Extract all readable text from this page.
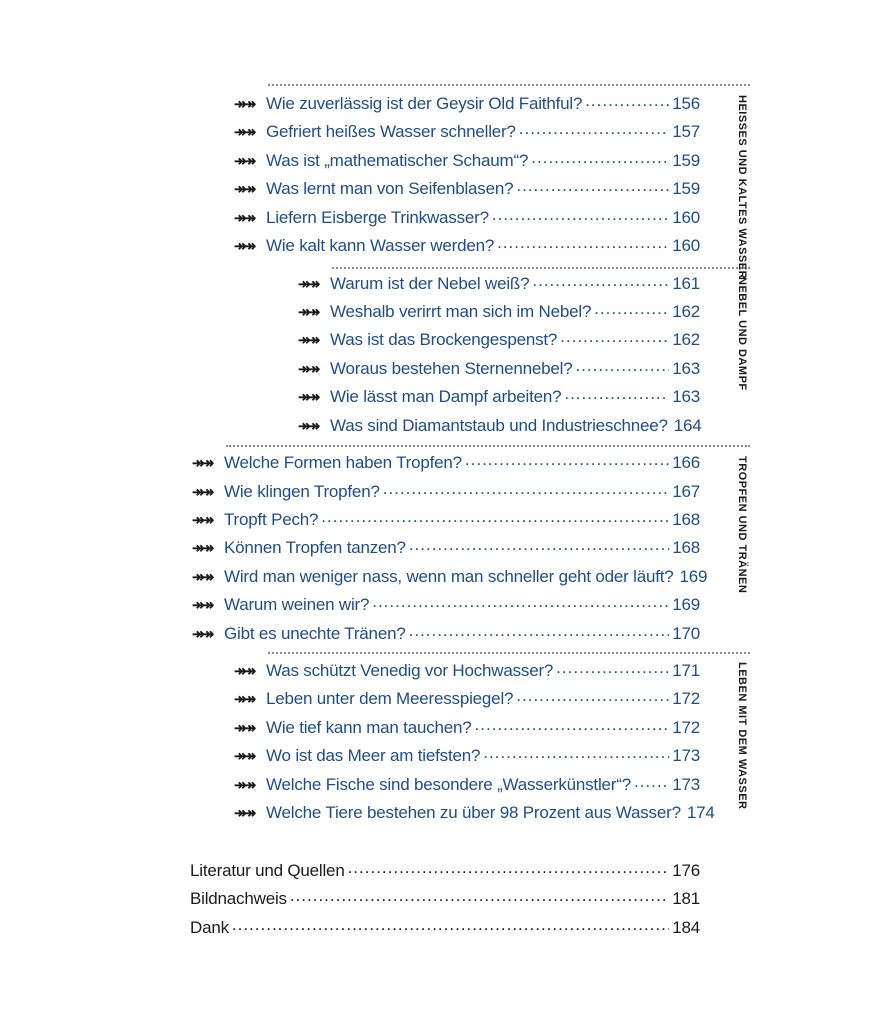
HEISSES UND KALTES WASSER
NEBEL UND DAMPF
TROPFEN UND TRÄNEN
LEBEN MIT DEM WASSER
↠↠ Wie zuverlässig ist der Geysir Old Faithful? .....	156
↠↠ Gefriert heißes Wasser schneller? .....	157
↠↠ Was ist „mathematischer Schaum“? .....	159
↠↠ Was lernt man von Seifenblasen? .....	159
↠↠ Liefern Eisberge Trinkwasser? .....	160
↠↠ Wie kalt kann Wasser werden? .....	160
↠↠ Warum ist der Nebel weiß? .....	161
↠↠ Weshalb verirrt man sich im Nebel? .....	162
↠↠ Was ist das Brockengespenst? .....	162
↠↠ Woraus bestehen Sternennebel? .....	163
↠↠ Wie lässt man Dampf arbeiten? .....	163
↠↠ Was sind Diamantstaub und Industrieschnee? 164
↠↠ Welche Formen haben Tropfen? .....	166
↠↠ Wie klingen Tropfen? .....	167
↠↠ Tropft Pech? .....	168
↠↠ Können Tropfen tanzen? .....	168
↠↠ Wird man weniger nass, wenn man schneller geht oder läuft? 169
↠↠ Warum weinen wir? .....	169
↠↠ Gibt es unechte Tränen? .....	170
↠↠ Was schützt Venedig vor Hochwasser? .....	171
↠↠ Leben unter dem Meeresspiegel? .....	172
↠↠ Wie tief kann man tauchen? .....	172
↠↠ Wo ist das Meer am tiefsten? .....	173
↠↠ Welche Fische sind besondere „Wasserkünstler“? ..... 173
↠↠ Welche Tiere bestehen zu über 98 Prozent aus Wasser? 174
Literatur und Quellen .....	176
Bildnachweis .....	181
Dank .....	184
